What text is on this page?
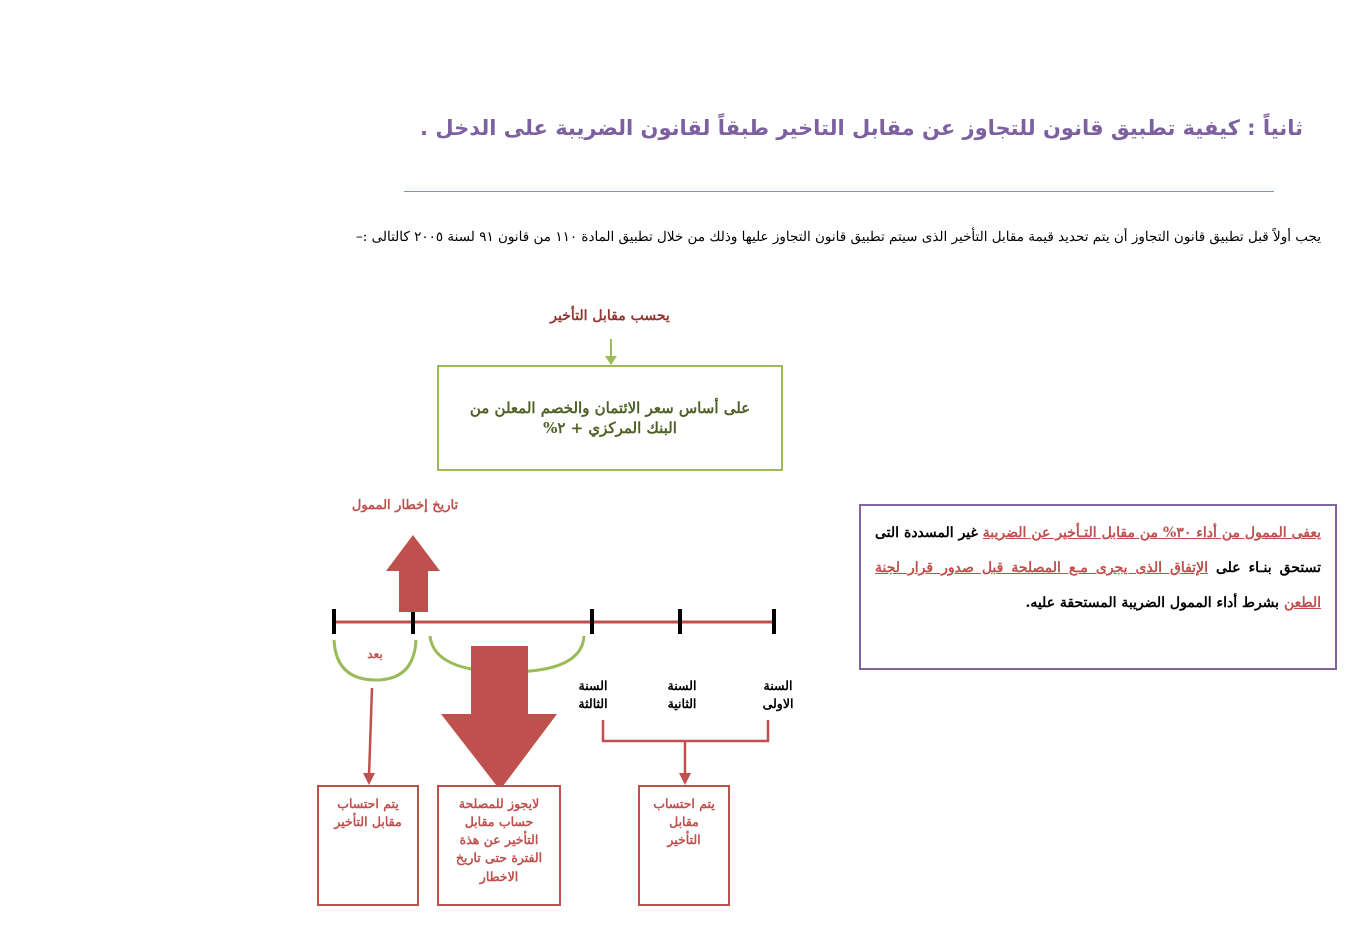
ثانياً : كيفية تطبيق قانون للتجاوز عن مقابل التاخير طبقاً لقانون الضريبة على الدخل .
يجب أولاً قبل تطبيق قانون التجاوز أن يتم تحديد قيمة مقابل التأخير الذى سيتم تطبيق قانون التجاوز عليها وذلك من خلال تطبيق المادة ١١٠ من قانون ٩١ لسنة ٢٠٠٥ كالتالى :–
يحسب مقابل التأخير
على أساس سعر الائتمان والخصم المعلن من البنك المركزي + ٢%
تاريخ إخطار الممول
بعد
السنة
الثالثة
السنة
الثانية
السنة
الاولى
يتم احتساب
مقابل التأخير
لايجوز للمصلحة
حساب مقابل
التأخير عن هذة
الفترة حتى تاريخ
الاخطار
يتم احتساب
مقابل
التأخير
يعفى الممول من أداء ٣٠% من مقابل التـأخير عن الضريبة غير المسددة التى تستحق بنـاء على الإتفاق الذى يجرى مـع المصلحة قبل صدور قرار لجنة الطعن بشرط أداء الممول الضريبة المستحقة عليه.
